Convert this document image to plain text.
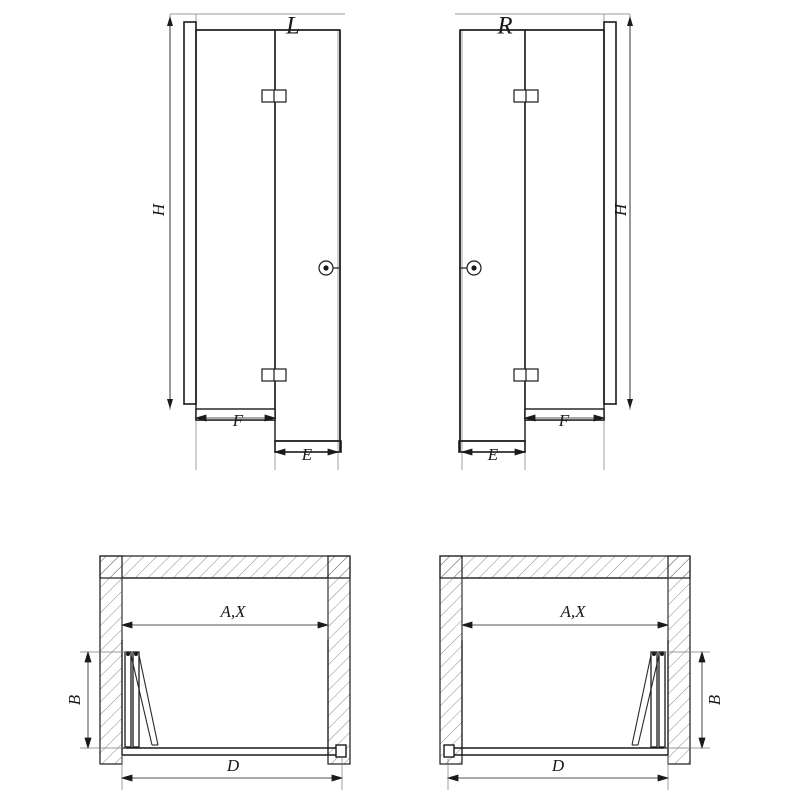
H
F
E
L
H
F
E
R
A,X
B
D
A,X
B
D
